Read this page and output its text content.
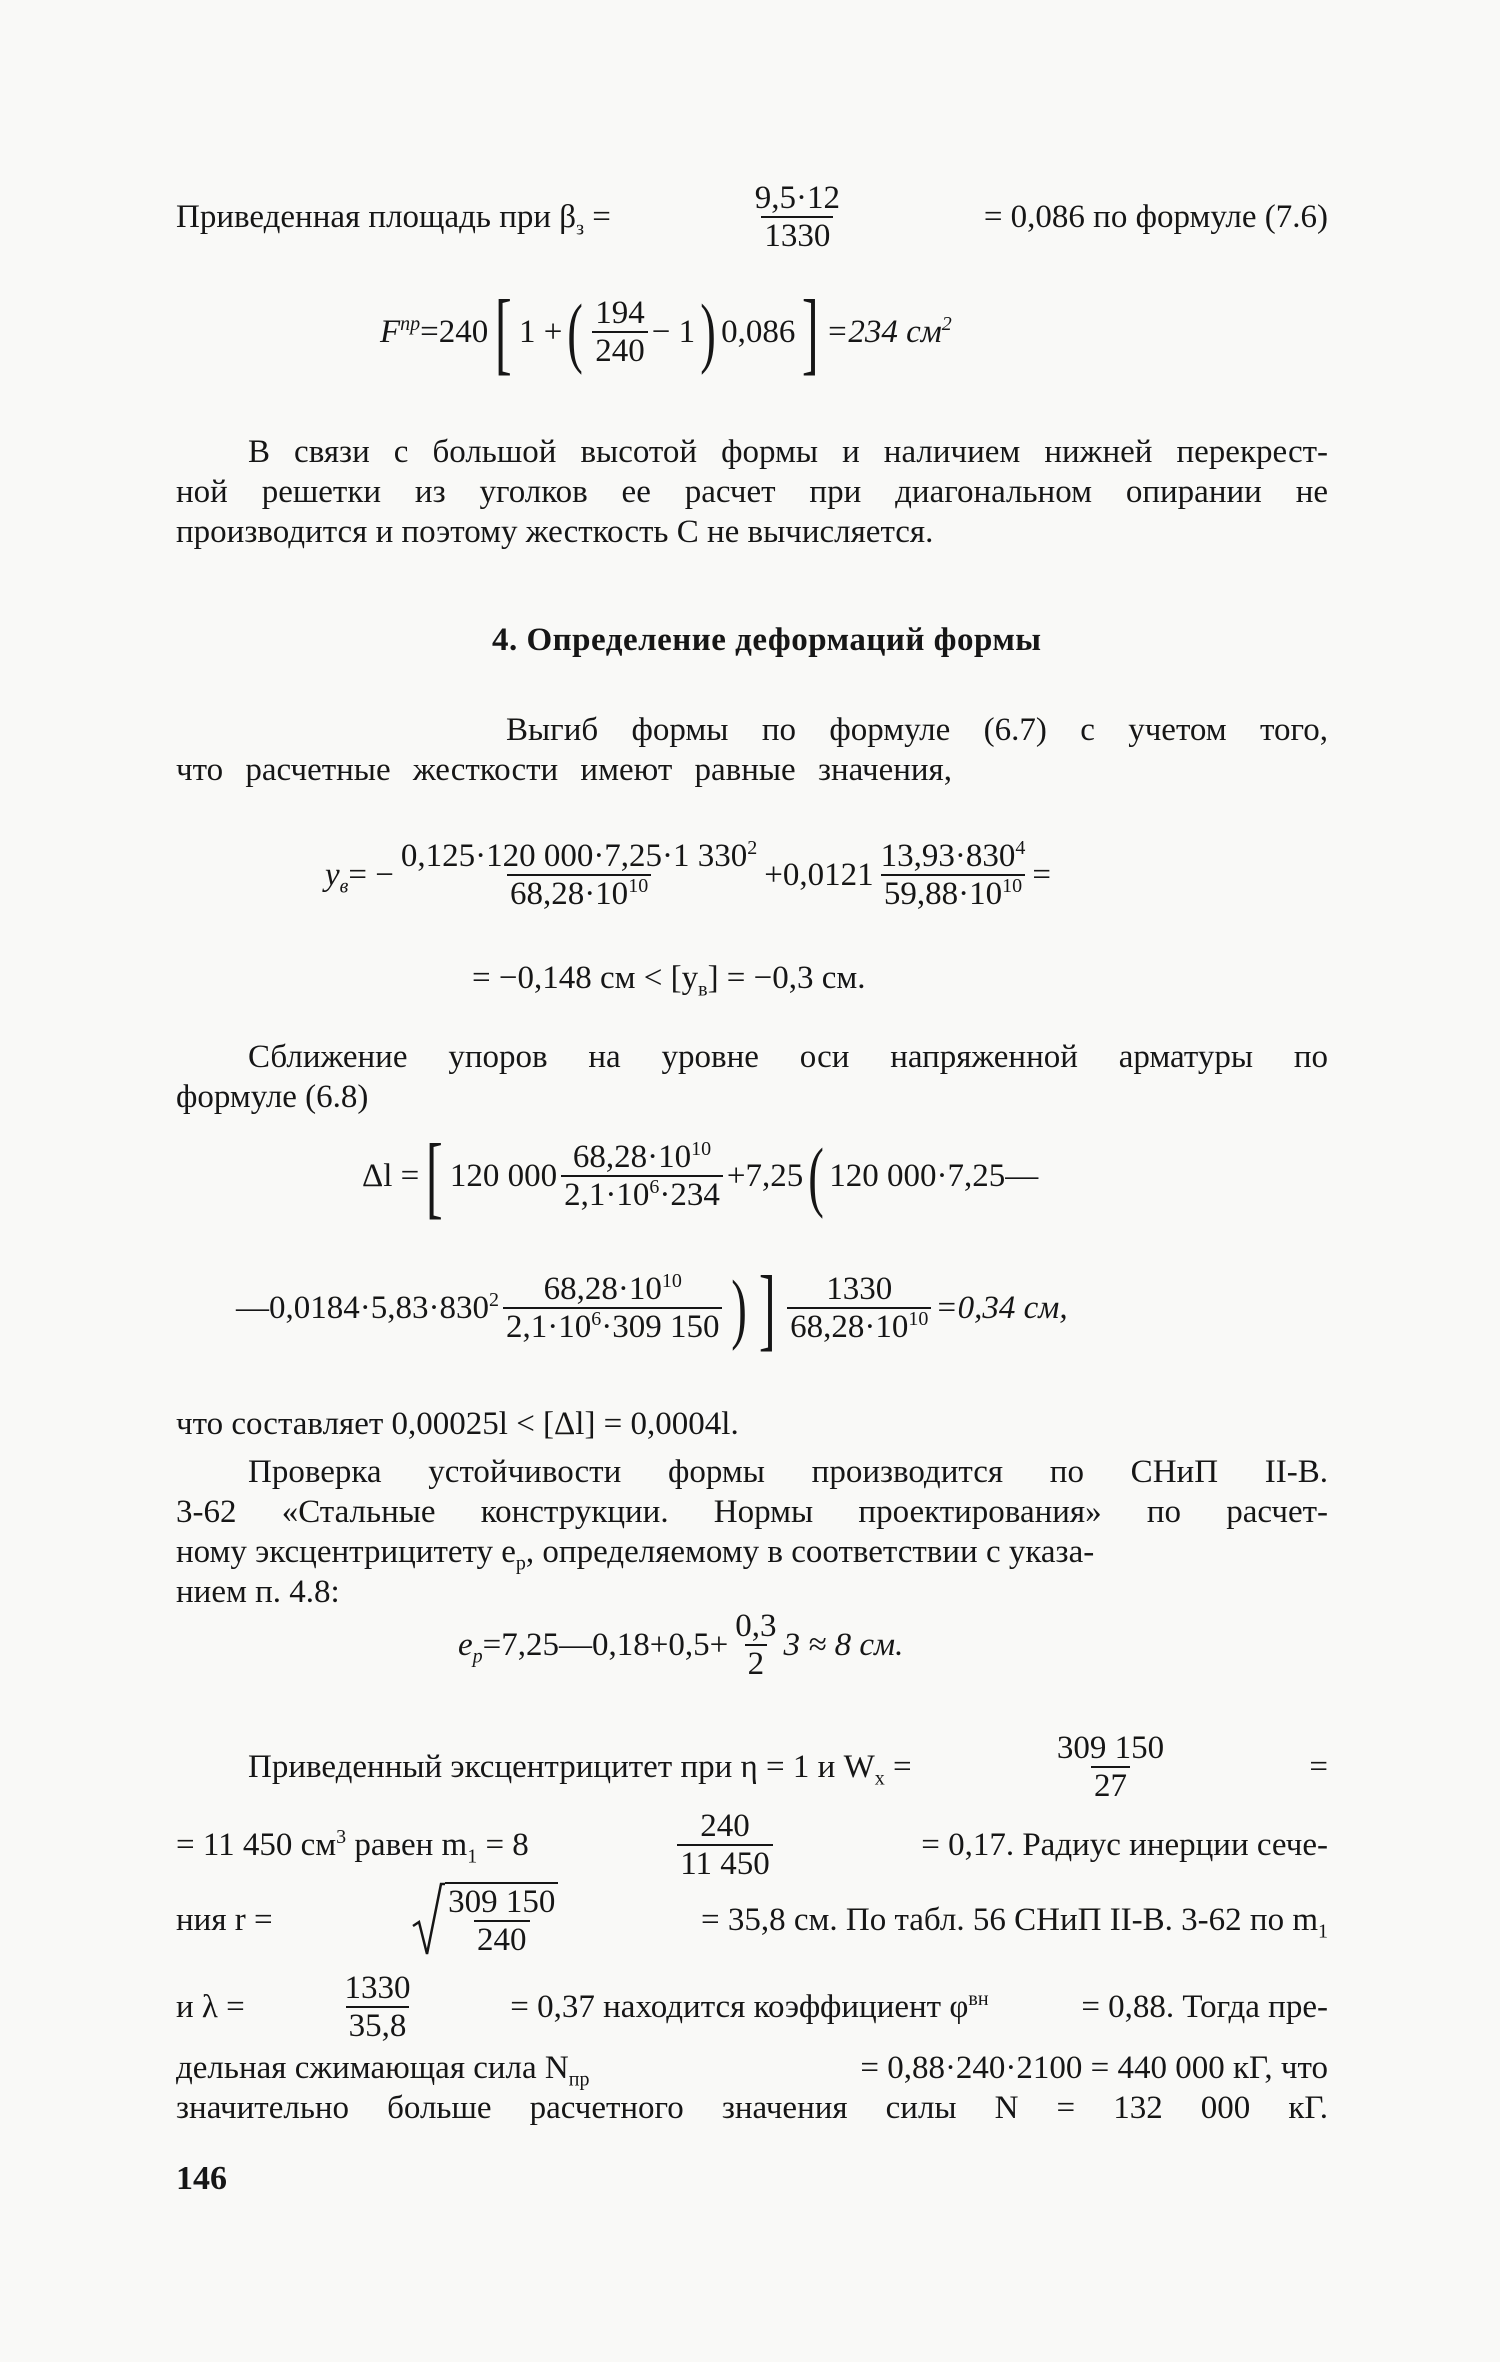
Приведенная площадь при $\beta_з$ =	$\frac{9,5\cdot 12}{1330}$	= 0,086 по формуле (7.6)
$F^{пр} =240$ [ 1 + ( $\frac{194}{240} - 1$ ) 0,086 ] =234 $см^2$
В связи с большой высотой формы и наличием нижней перекрест-
ной решетки из уголков ее расчет при диагональном опирании не
производится и поэтому жесткость C не вычисляется.
4. Определение деформаций формы
Выгиб формы по формуле (6.7) с учетом того,
что расчетные жесткости имеют равные значения,
$y_в$ = − $\frac{0,125\cdot 120 000\cdot 7,25\cdot 1 330^2}{68,28\cdot 10^{10}} +0,0121 \frac{13,93\cdot 830^4}{59,88\cdot 10^{10}}$ =
= −0,148 см < $[y_в] = -0,3$ см.
Сближение упоров на уровне оси напряженной арматуры по
формуле (6.8)
Δl = [ 120 $000 \frac{68,28\cdot 10^{10}}{2,1\cdot 10^6\cdot 234} +7,25$ ( 120 000·7,25—
$—0,0184\cdot 5,83\cdot 830^2 \frac{68,28\cdot 10^{10}}{2,1\cdot 10^6\cdot 309 150}$ ) ] $\frac{1330}{68,28\cdot 10^{10}} =0,34$ см,
что составляет 0,00025l < [Δl] = 0,0004l.
Проверка устойчивости формы производится по СНиП II-В.
3-62 «Стальные конструкции. Нормы проектирования» по расчет-
ному эксцентрицитету $e_р$, определяемому в соответствии с указа-
нием п. 4.8:
$e_р$ =7,25—0,18+0,5+ $\frac{0,3}{2} 3 \approx 8$ см.
Приведенный эксцентрицитет при η = 1 и $W_x$ =	$\frac{309 150}{27}$	=
= 11 450 $см^3$ равен $m_1 = 8$	$\frac{240}{11 450}$	= 0,17. Радиус инерции сече-
ния r =	$\frac{309 150}{240}$	= 35,8 см. По табл. 56 СНиП II-В. 3-62 по $m_1$
и λ =	$\frac{1330}{35,8}$	= 0,37 находится коэффициент $\varphi^{вн}$	= 0,88. Тогда пре-
дельная сжимающая сила $N_{пр}$	= 0,88·240·2100 = 440 000 кГ, что
значительно больше расчетного значения силы N = 132 000 кГ.
146
